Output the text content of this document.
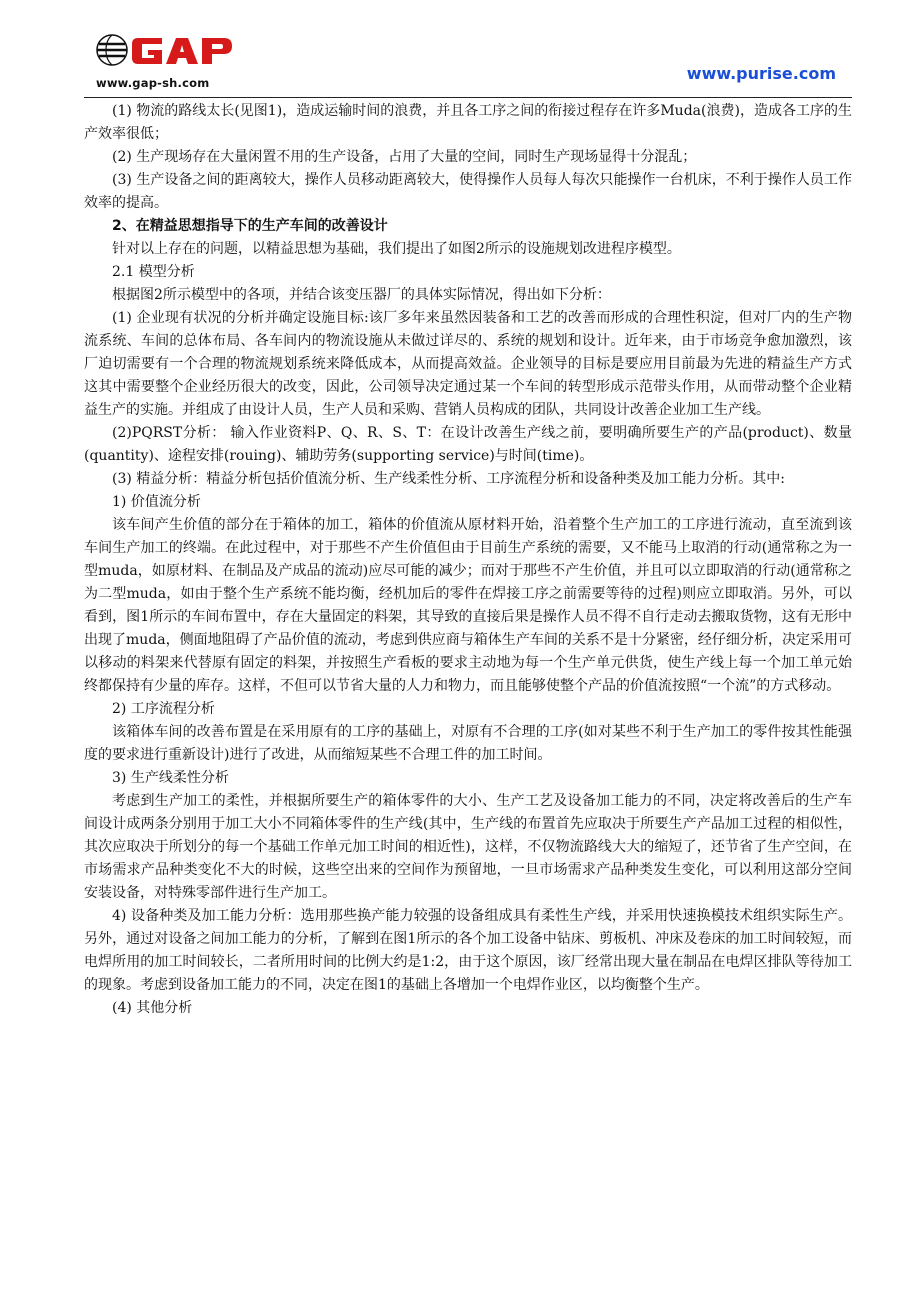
www.gap-sh.com	www.purise.com

(1) 物流的路线太长(见图1)，造成运输时间的浪费，并且各工序之间的衔接过程存在许多Muda(浪费)，造成各工序的生产效率很低；

(2) 生产现场存在大量闲置不用的生产设备，占用了大量的空间，同时生产现场显得十分混乱；

(3) 生产设备之间的距离较大，操作人员移动距离较大，使得操作人员每人每次只能操作一台机床，不利于操作人员工作效率的提高。

2、在精益思想指导下的生产车间的改善设计

针对以上存在的问题，以精益思想为基础，我们提出了如图2所示的设施规划改进程序模型。

2.1 模型分析

根据图2所示模型中的各项，并结合该变压器厂的具体实际情况，得出如下分析：

(1) 企业现有状况的分析并确定设施目标:该厂多年来虽然因装备和工艺的改善而形成的合理性积淀，但对厂内的生产物流系统、车间的总体布局、各车间内的物流设施从未做过详尽的、系统的规划和设计。近年来，由于市场竞争愈加激烈，该厂迫切需要有一个合理的物流规划系统来降低成本，从而提高效益。企业领导的目标是要应用目前最为先进的精益生产方式这其中需要整个企业经历很大的改变，因此，公司领导决定通过某一个车间的转型形成示范带头作用，从而带动整个企业精益生产的实施。并组成了由设计人员，生产人员和采购、营销人员构成的团队，共同设计改善企业加工生产线。

(2)PQRST分析： 输入作业资料P、Q、R、S、T：在设计改善生产线之前，要明确所要生产的产品(product)、数量(quantity)、途程安排(rouing)、辅助劳务(supporting service)与时间(time)。

(3) 精益分析：精益分析包括价值流分析、生产线柔性分析、工序流程分析和设备种类及加工能力分析。其中:

1) 价值流分析

该车间产生价值的部分在于箱体的加工，箱体的价值流从原材料开始，沿着整个生产加工的工序进行流动，直至流到该车间生产加工的终端。在此过程中，对于那些不产生价值但由于目前生产系统的需要，又不能马上取消的行动(通常称之为一型muda，如原材料、在制品及产成品的流动)应尽可能的减少；而对于那些不产生价值，并且可以立即取消的行动(通常称之为二型muda，如由于整个生产系统不能均衡，经机加后的零件在焊接工序之前需要等待的过程)则应立即取消。另外，可以看到，图1所示的车间布置中，存在大量固定的料架，其导致的直接后果是操作人员不得不自行走动去搬取货物，这有无形中出现了muda，侧面地阻碍了产品价值的流动，考虑到供应商与箱体生产车间的关系不是十分紧密，经仔细分析，决定采用可以移动的料架来代替原有固定的料架，并按照生产看板的要求主动地为每一个生产单元供货，使生产线上每一个加工单元始终都保持有少量的库存。这样，不但可以节省大量的人力和物力，而且能够使整个产品的价值流按照“一个流”的方式移动。

2) 工序流程分析

该箱体车间的改善布置是在采用原有的工序的基础上，对原有不合理的工序(如对某些不利于生产加工的零件按其性能强度的要求进行重新设计)进行了改进，从而缩短某些不合理工件的加工时间。

3) 生产线柔性分析

考虑到生产加工的柔性，并根据所要生产的箱体零件的大小、生产工艺及设备加工能力的不同，决定将改善后的生产车间设计成两条分别用于加工大小不同箱体零件的生产线(其中，生产线的布置首先应取决于所要生产产品加工过程的相似性，其次应取决于所划分的每一个基础工作单元加工时间的相近性)，这样，不仅物流路线大大的缩短了，还节省了生产空间，在市场需求产品种类变化不大的时候，这些空出来的空间作为预留地，一旦市场需求产品种类发生变化，可以利用这部分空间安装设备，对特殊零部件进行生产加工。

4) 设备种类及加工能力分析：选用那些换产能力较强的设备组成具有柔性生产线，并采用快速换模技术组织实际生产。另外，通过对设备之间加工能力的分析，了解到在图1所示的各个加工设备中钻床、剪板机、冲床及卷床的加工时间较短，而电焊所用的加工时间较长，二者所用时间的比例大约是1:2，由于这个原因，该厂经常出现大量在制品在电焊区排队等待加工的现象。考虑到设备加工能力的不同，决定在图1的基础上各增加一个电焊作业区，以均衡整个生产。

(4) 其他分析
